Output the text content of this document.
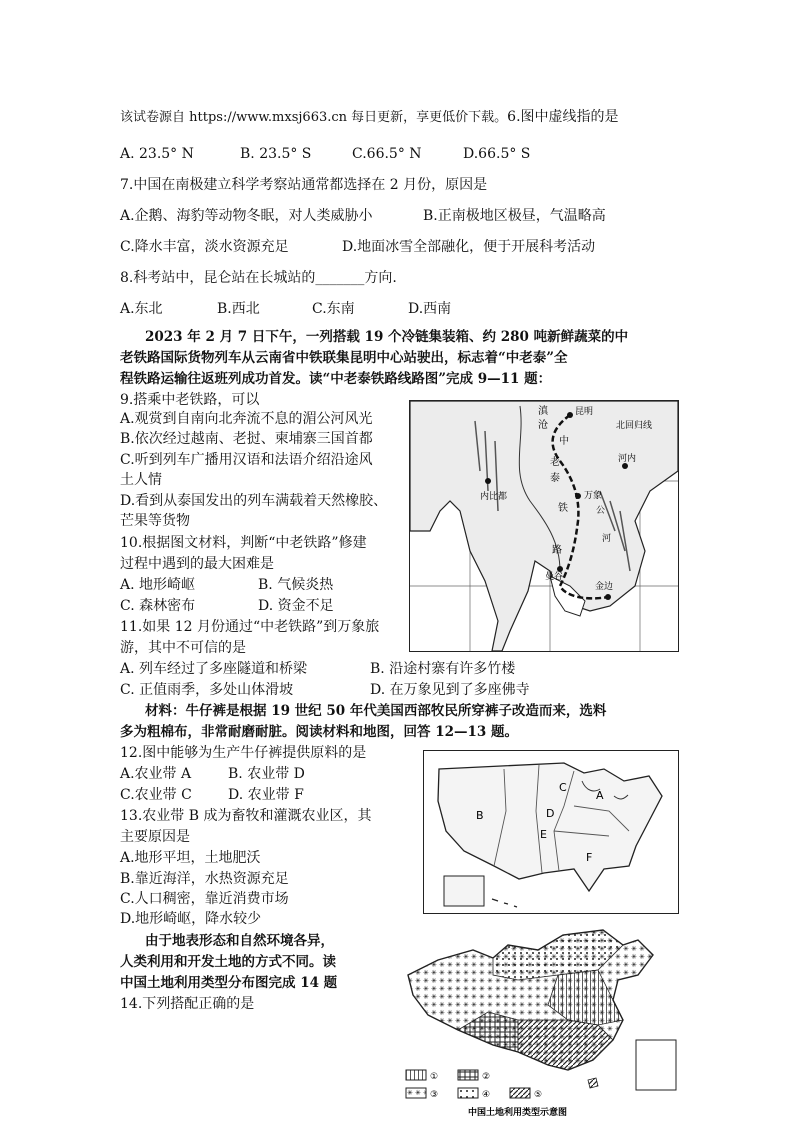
该试卷源自 https://www.mxsj663.cn 每日更新，享更低价下载。6.图中虚线指的是
A. 23.5° N	B. 23.5° S	C.66.5° N	D.66.5° S
7.中国在南极建立科学考察站通常都选择在 2 月份，原因是
A.企鹅、海豹等动物冬眠，对人类威胁小	B.正南极地区极昼，气温略高
C.降水丰富，淡水资源充足	D.地面冰雪全部融化，便于开展科考活动
8.科考站中，昆仑站在长城站的_______方向.
A.东北	B.西北	C.东南	D.西南
2023 年 2 月 7 日下午，一列搭载 19 个冷链集装箱、约 280 吨新鲜蔬菜的中
老铁路国际货物列车从云南省中铁联集昆明中心站驶出，标志着“中老泰”全
程铁路运输往返班列成功首发。读“中老泰铁路线路图”完成 9—11 题：
9.搭乘中老铁路，可以
A.观赏到自南向北奔流不息的湄公河风光
B.依次经过越南、老挝、柬埔寨三国首都
C.听到列车广播用汉语和法语介绍沿途风
土人情
D.看到从泰国发出的列车满载着天然橡胶、
芒果等货物
10.根据图文材料，判断“中老铁路”修建
过程中遇到的最大困难是
A. 地形崎岖	B. 气候炎热
C. 森林密布	D. 资金不足
11.如果 12 月份通过“中老铁路”到万象旅
游，其中不可信的是
A. 列车经过了多座隧道和桥梁	B. 沿途村寨有许多竹楼
C. 正值雨季，多处山体滑坡	D. 在万象见到了多座佛寺
材料：牛仔裤是根据 19 世纪 50 年代美国西部牧民所穿裤子改造而来，选料
多为粗棉布，非常耐磨耐脏。阅读材料和地图，回答 12—13 题。
12.图中能够为生产牛仔裤提供原料的是
A.农业带 A	B. 农业带 D
C.农业带 C	D. 农业带 F
13.农业带 B 成为畜牧和灌溉农业区，其
主要原因是
A.地形平坦，土地肥沃
B.靠近海洋，水热资源充足
C.人口稠密，靠近消费市场
D.地形崎岖，降水较少
由于地表形态和自然环境各异，
人类利用和开发土地的方式不同。读
中国土地利用类型分布图完成 14 题
14.下列搭配正确的是
滇
沧
中
老
泰
铁
路
昆明
北回归线
河内
内比都	万象
公
河
曼谷
金边
A
B
C
D
E
F
①	②
③	④	⑤
中国土地利用类型示意图
